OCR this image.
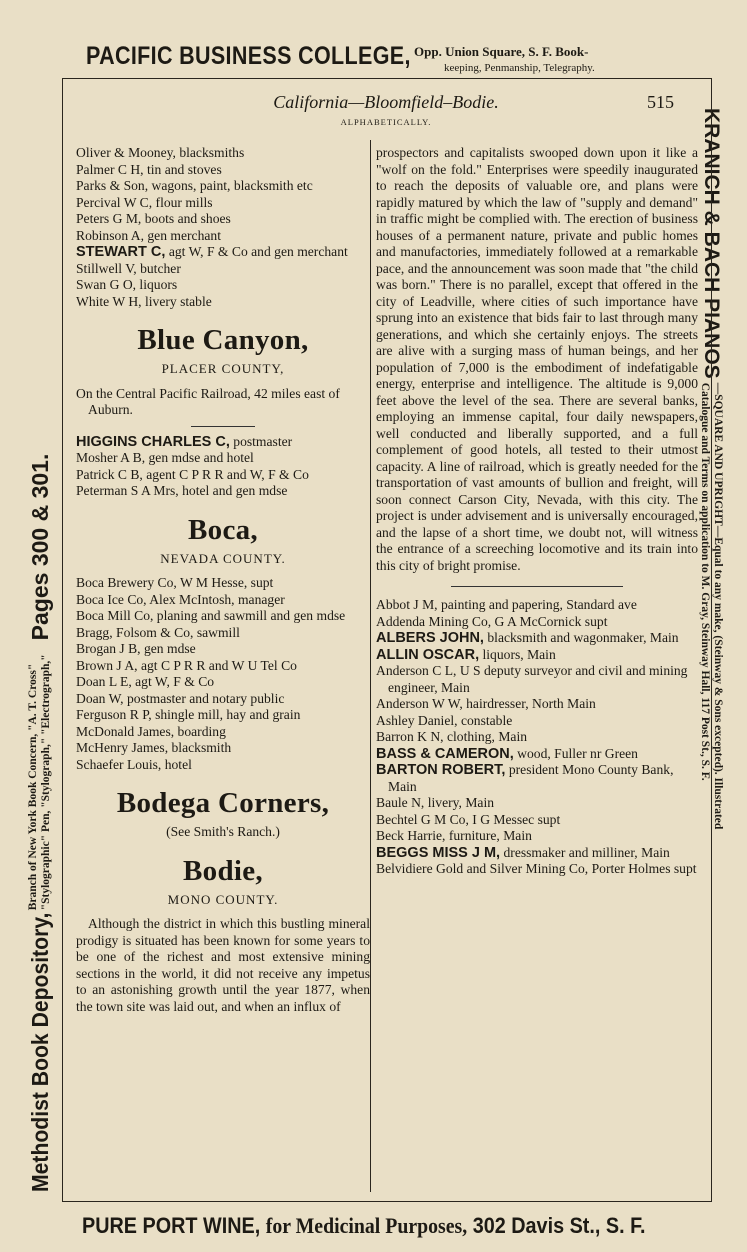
PACIFIC BUSINESS COLLEGE, Opp. Union Square, S. F. Book-
keeping, Penmanship, Telegraphy.
Methodist Book Depository,
Branch of New York Book Concern, "A. T. Cross"
"Stylographic" Pen, "Stylograph," "Electrograph,"
Pages 300 & 301.
KRANICH & BACH PIANOS
—SQUARE AND UPRIGHT—Equal to any make, (Steinway & Sons excepted). Illustrated
Catalogue and Terms on application to M. Gray, Steinway Hall, 117 Post St., S. F.
California—Bloomfield–Bodie.	515
ALPHABETICALLY.
Oliver & Mooney, blacksmiths
Palmer C H, tin and stoves
Parks & Son, wagons, paint, blacksmith etc
Percival W C, flour mills
Peters G M, boots and shoes
Robinson A, gen merchant
STEWART C, agt W, F & Co and gen merchant
Stillwell V, butcher
Swan G O, liquors
White W H, livery stable
Blue Canyon,
PLACER COUNTY,
On the Central Pacific Railroad, 42 miles east of Auburn.
HIGGINS CHARLES C, postmaster
Mosher A B, gen mdse and hotel
Patrick C B, agent C P R R and W, F & Co
Peterman S A Mrs, hotel and gen mdse
Boca,
NEVADA COUNTY.
Boca Brewery Co, W M Hesse, supt
Boca Ice Co, Alex McIntosh, manager
Boca Mill Co, planing and sawmill and gen mdse
Bragg, Folsom & Co, sawmill
Brogan J B, gen mdse
Brown J A, agt C P R R and W U Tel Co
Doan L E, agt W, F & Co
Doan W, postmaster and notary public
Ferguson R P, shingle mill, hay and grain
McDonald James, boarding
McHenry James, blacksmith
Schaefer Louis, hotel
Bodega Corners,
(See Smith's Ranch.)
Bodie,
MONO COUNTY.
Although the district in which this bustling mineral prodigy is situated has been known for some years to be one of the richest and most extensive mining sections in the world, it did not receive any impetus to an astonishing growth until the year 1877, when the town site was laid out, and when an influx of
prospectors and capitalists swooped down upon it like a "wolf on the fold." Enterprises were speedily inaugurated to reach the deposits of valuable ore, and plans were rapidly matured by which the law of "supply and demand" in traffic might be complied with. The erection of business houses of a permanent nature, private and public homes and manufactories, immediately followed at a remarkable pace, and the announcement was soon made that "the child was born." There is no parallel, except that offered in the city of Leadville, where cities of such importance have sprung into an existence that bids fair to last through many generations, and which she certainly enjoys. The streets are alive with a surging mass of human beings, and her population of 7,000 is the embodiment of indefatigable energy, enterprise and intelligence. The altitude is 9,000 feet above the level of the sea. There are several banks, employing an immense capital, four daily newspapers, well conducted and liberally supported, and a full complement of good hotels, all tested to their utmost capacity. A line of railroad, which is greatly needed for the transportation of vast amounts of bullion and freight, will soon connect Carson City, Nevada, with this city. The project is under advisement and is universally encouraged, and the lapse of a short time, we doubt not, will witness the entrance of a screeching locomotive and its train into this city of bright promise.
Abbot J M, painting and papering, Standard ave
Addenda Mining Co, G A McCornick supt
ALBERS JOHN, blacksmith and wagonmaker, Main
ALLIN OSCAR, liquors, Main
Anderson C L, U S deputy surveyor and civil and mining engineer, Main
Anderson W W, hairdresser, North Main
Ashley Daniel, constable
Barron K N, clothing, Main
BASS & CAMERON, wood, Fuller nr Green
BARTON ROBERT, president Mono County Bank, Main
Baule N, livery, Main
Bechtel G M Co, I G Messec supt
Beck Harrie, furniture, Main
BEGGS MISS J M, dressmaker and milliner, Main
Belvidiere Gold and Silver Mining Co, Porter Holmes supt
PURE PORT WINE, for Medicinal Purposes, 302 Davis St., S. F.
